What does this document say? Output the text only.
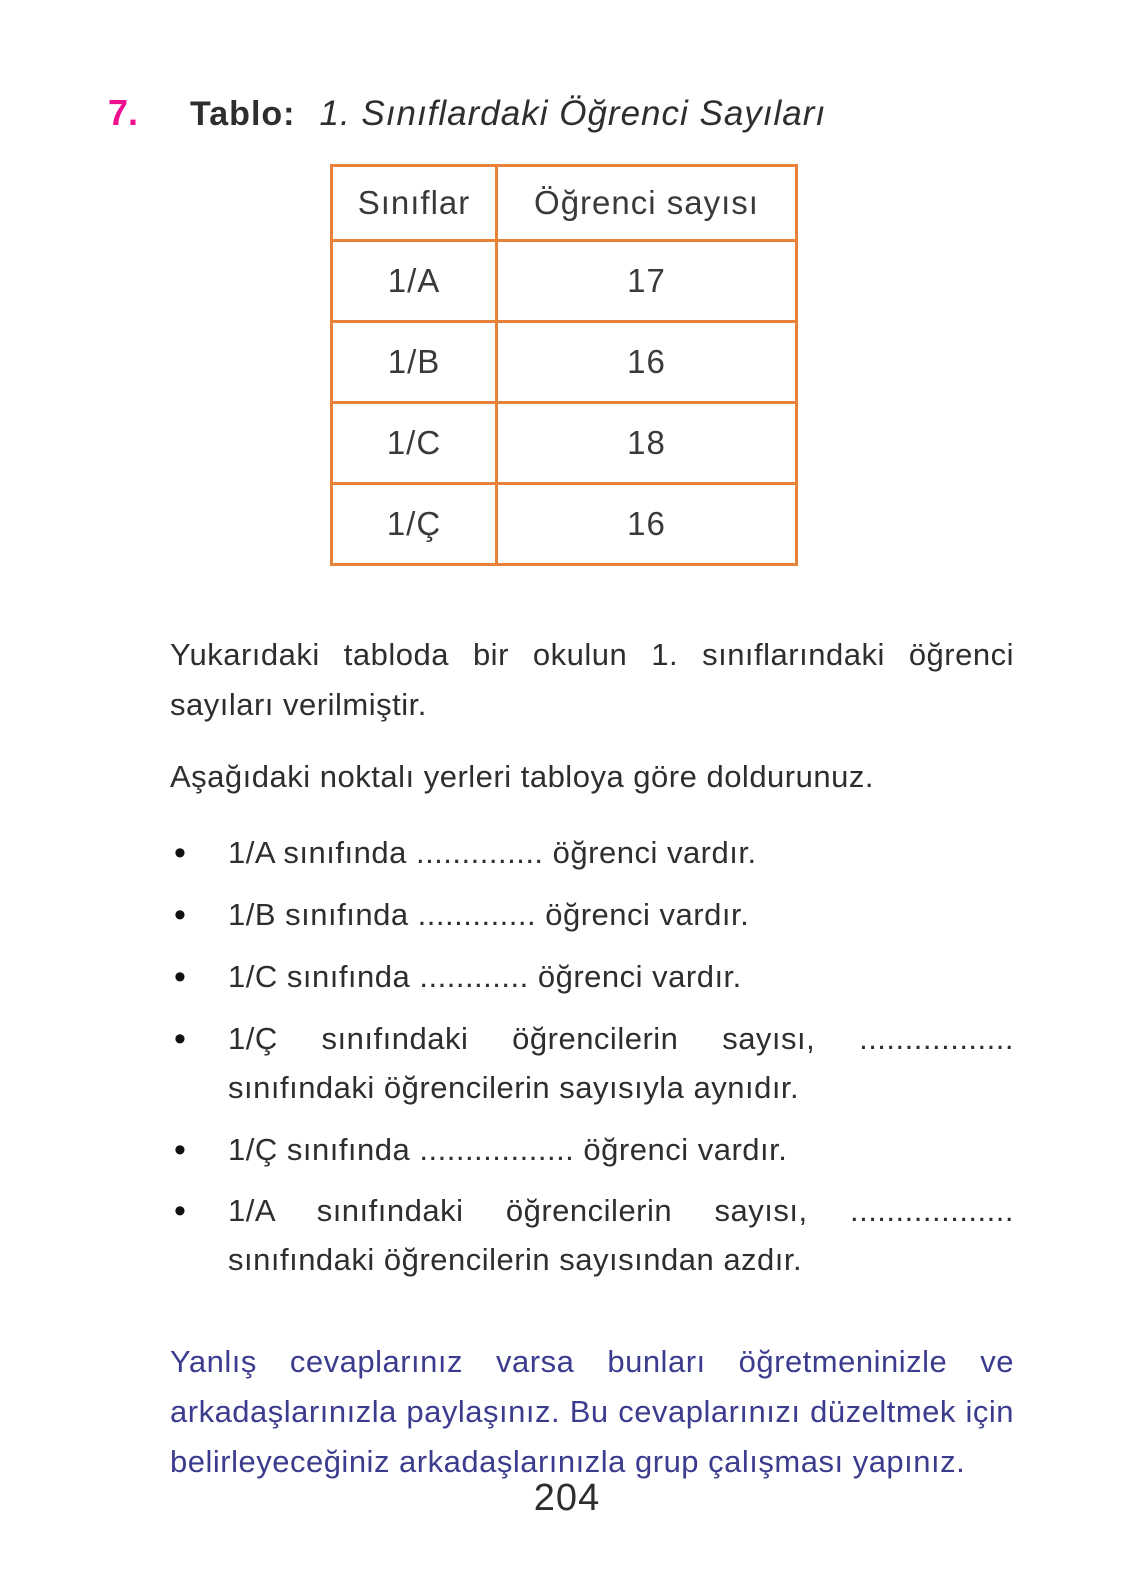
7. Tablo: 1. Sınıflardaki Öğrenci Sayıları
Sınıflar	Öğrenci sayısı
1/A	17
1/B	16
1/C	18
1/Ç	16

Yukarıdaki tabloda bir okulun 1. sınıflarındaki öğrenci sayıları verilmiştir.

Aşağıdaki noktalı yerleri tabloya göre doldurunuz.

• 1/A sınıfında .............. öğrenci vardır.
• 1/B sınıfında ............. öğrenci vardır.
• 1/C sınıfında ............ öğrenci vardır.
• 1/Ç sınıfındaki öğrencilerin sayısı, ................. sınıfındaki öğrencilerin sayısıyla aynıdır.
• 1/Ç sınıfında ................. öğrenci vardır.
• 1/A sınıfındaki öğrencilerin sayısı, .................. sınıfındaki öğrencilerin sayısından azdır.

Yanlış cevaplarınız varsa bunları öğretmeninizle ve arkadaşlarınızla paylaşınız. Bu cevaplarınızı düzeltmek için belirleyeceğiniz arkadaşlarınızla grup çalışması yapınız.

204
